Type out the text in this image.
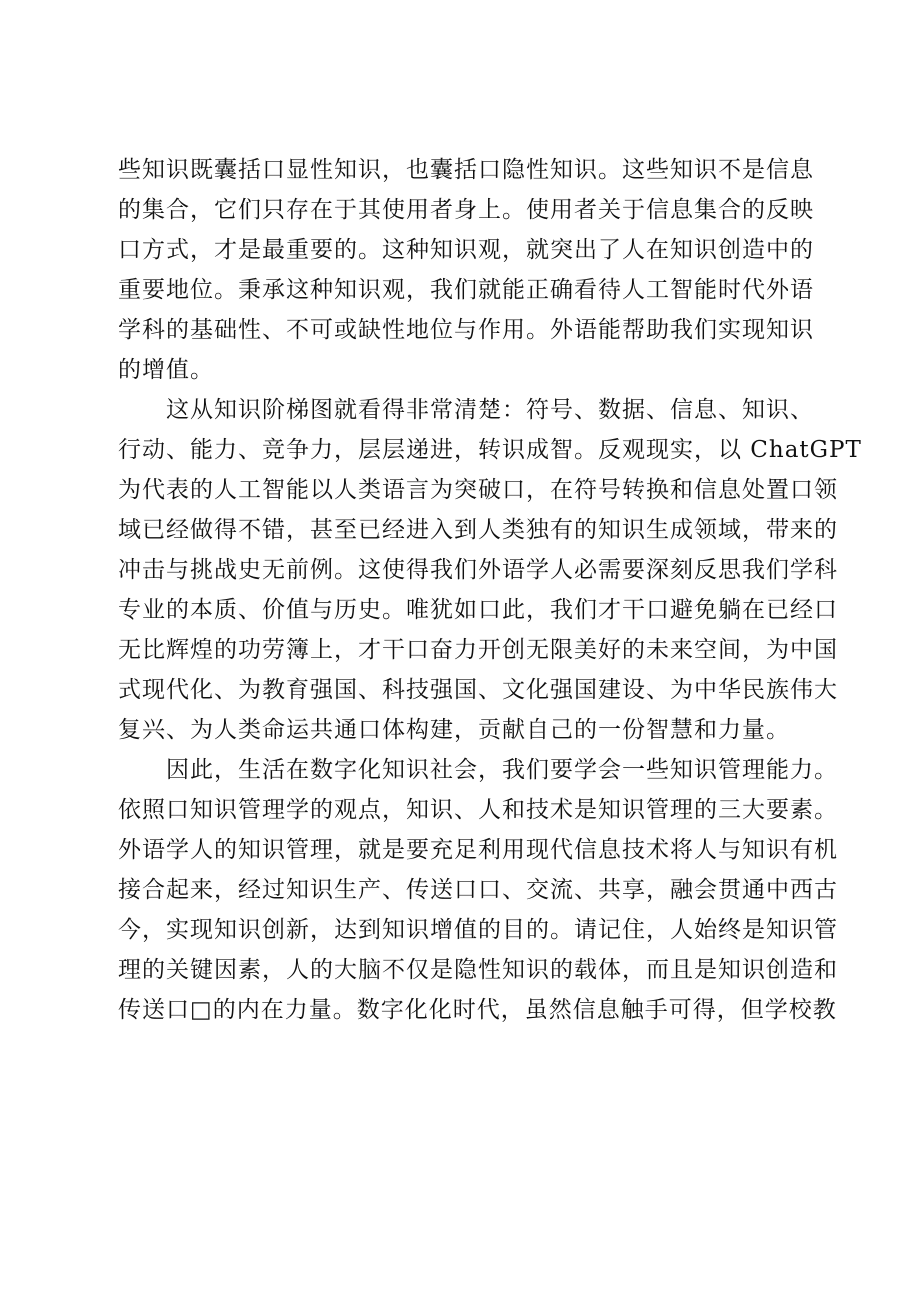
些知识既囊括口显性知识，也囊括口隐性知识。这些知识不是信息
的集合，它们只存在于其使用者身上。使用者关于信息集合的反映
口方式，才是最重要的。这种知识观，就突出了人在知识创造中的
重要地位。秉承这种知识观，我们就能正确看待人工智能时代外语
学科的基础性、不可或缺性地位与作用。外语能帮助我们实现知识
的增值。
这从知识阶梯图就看得非常清楚：符号、数据、信息、知识、
行动、能力、竞争力，层层递进，转识成智。反观现实，以 ChatGPT
为代表的人工智能以人类语言为突破口，在符号转换和信息处置口领
域已经做得不错，甚至已经进入到人类独有的知识生成领域，带来的
冲击与挑战史无前例。这使得我们外语学人必需要深刻反思我们学科
专业的本质、价值与历史。唯犹如口此，我们才干口避免躺在已经口
无比辉煌的功劳簿上，才干口奋力开创无限美好的未来空间，为中国
式现代化、为教育强国、科技强国、文化强国建设、为中华民族伟大
复兴、为人类命运共通口体构建，贡献自己的一份智慧和力量。
因此，生活在数字化知识社会，我们要学会一些知识管理能力。
依照口知识管理学的观点，知识、人和技术是知识管理的三大要素。
外语学人的知识管理，就是要充足利用现代信息技术将人与知识有机
接合起来，经过知识生产、传送口口、交流、共享，融会贯通中西古
今，实现知识创新，达到知识增值的目的。请记住，人始终是知识管
理的关键因素，人的大脑不仅是隐性知识的载体，而且是知识创造和
传送口□的内在力量。数字化化时代，虽然信息触手可得，但学校教
